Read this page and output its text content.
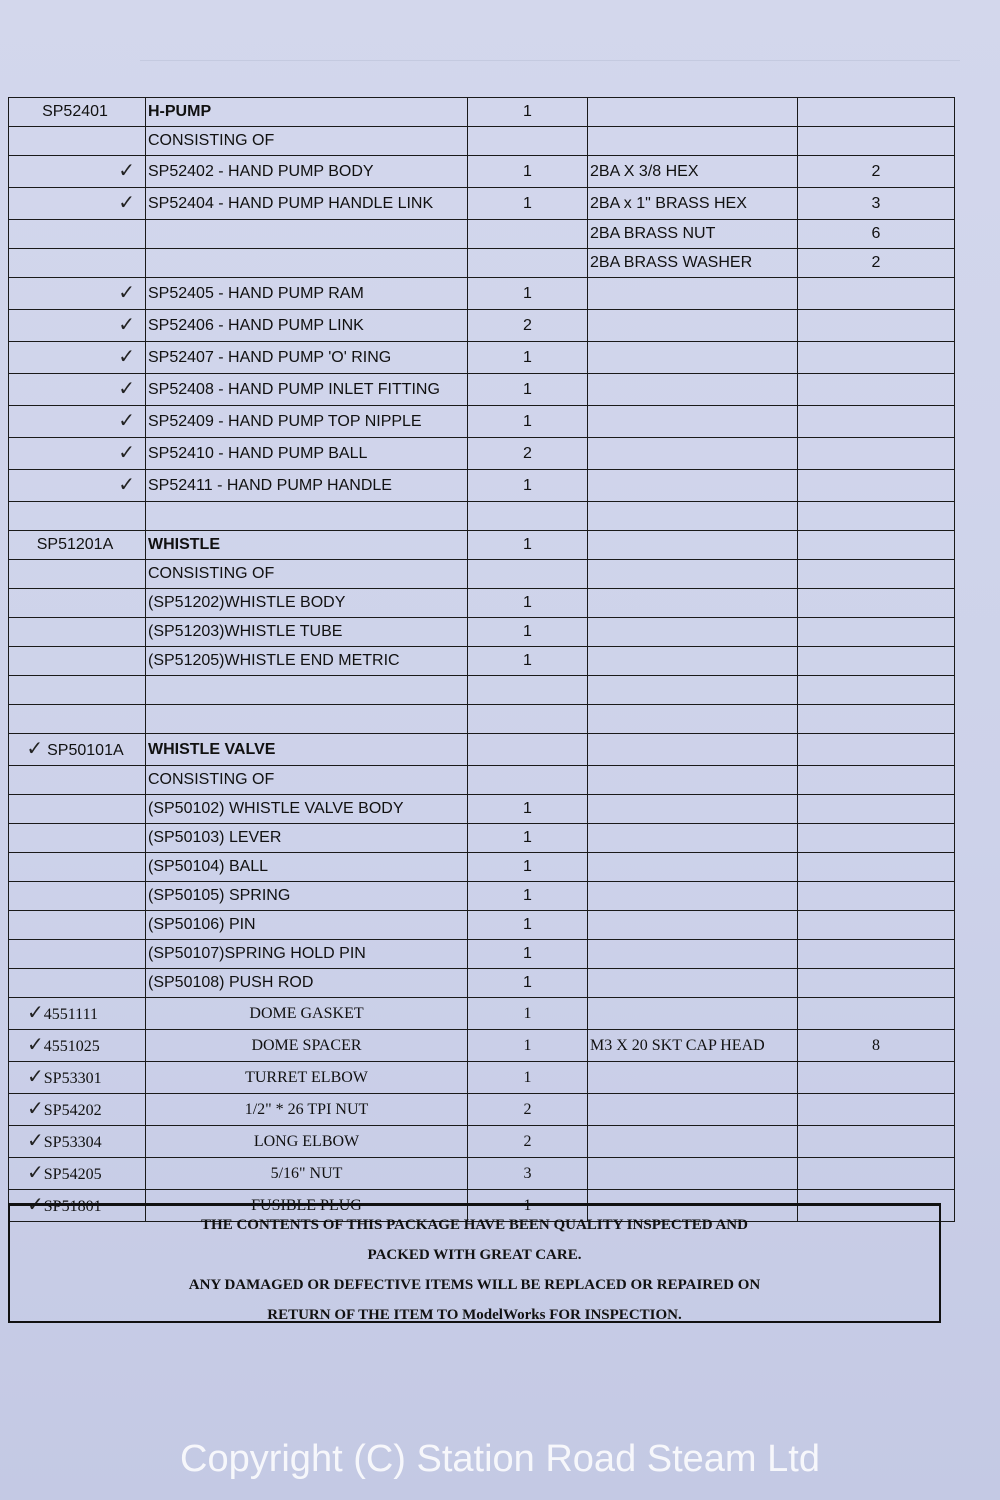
SP52401	H-PUMP	1		
	CONSISTING OF			
✓	SP52402 - HAND PUMP BODY	1	2BA X 3/8 HEX	2
✓	SP52404 - HAND PUMP HANDLE LINK	1	2BA x 1" BRASS HEX	3
			2BA BRASS NUT	6
			2BA BRASS WASHER	2
✓	SP52405 - HAND PUMP RAM	1		
✓	SP52406 - HAND PUMP LINK	2		
✓	SP52407 - HAND PUMP 'O' RING	1		
✓	SP52408 - HAND PUMP INLET FITTING	1		
✓	SP52409 - HAND PUMP TOP NIPPLE	1		
✓	SP52410 - HAND PUMP BALL	2		
✓	SP52411 - HAND PUMP HANDLE	1		

SP51201A	WHISTLE	1		
	CONSISTING OF			
	(SP51202)WHISTLE BODY	1		
	(SP51203)WHISTLE TUBE	1		
	(SP51205)WHISTLE END METRIC	1		

✓ SP50101A	WHISTLE VALVE			
	CONSISTING OF			
	(SP50102) WHISTLE VALVE BODY	1		
	(SP50103) LEVER	1		
	(SP50104) BALL	1		
	(SP50105) SPRING	1		
	(SP50106) PIN	1		
	(SP50107)SPRING HOLD PIN	1		
	(SP50108) PUSH ROD	1		
✓4551111	DOME GASKET	1		
✓4551025	DOME SPACER	1	M3 X 20 SKT CAP HEAD	8
✓SP53301	TURRET ELBOW	1		
✓SP54202	1/2" * 26 TPI NUT	2		
✓SP53304	LONG ELBOW	2		
✓SP54205	5/16" NUT	3		
✓SP51801	FUSIBLE PLUG	1		
THE CONTENTS OF THIS PACKAGE HAVE BEEN QUALITY INSPECTED AND
PACKED WITH GREAT CARE.
ANY DAMAGED OR DEFECTIVE ITEMS WILL BE REPLACED OR REPAIRED ON
RETURN OF THE ITEM TO ModelWorks FOR INSPECTION.
Copyright (C) Station Road Steam Ltd
